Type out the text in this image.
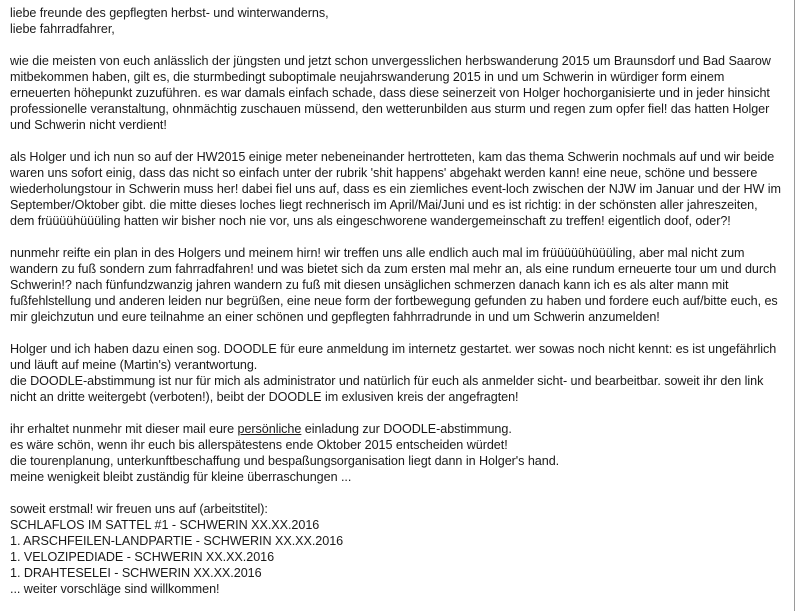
liebe freunde des gepflegten herbst- und winterwanderns,
liebe fahrradfahrer,
wie die meisten von euch anlässlich der jüngsten und jetzt schon unvergesslichen herbswanderung 2015 um Braunsdorf und Bad Saarow
mitbekommen haben, gilt es, die sturmbedingt suboptimale neujahrswanderung 2015 in und um Schwerin in würdiger form einem
erneuerten höhepunkt zuzuführen. es war damals einfach schade, dass diese seinerzeit von Holger hochorganisierte und in jeder hinsicht
professionelle veranstaltung, ohnmächtig zuschauen müssend, den wetterunbilden aus sturm und regen zum opfer fiel! das hatten Holger
und Schwerin nicht verdient!
als Holger und ich nun so auf der HW2015 einige meter nebeneinander hertrotteten, kam das thema Schwerin nochmals auf und wir beide
waren uns sofort einig, dass das nicht so einfach unter der rubrik 'shit happens' abgehakt werden kann! eine neue, schöne und bessere
wiederholungstour in Schwerin muss her! dabei fiel uns auf, dass es ein ziemliches event-loch zwischen der NJW im Januar und der HW im
September/Oktober gibt. die mitte dieses loches liegt rechnerisch im April/Mai/Juni und es ist richtig: in der schönsten aller jahreszeiten,
dem früüüühüüüling hatten wir bisher noch nie vor, uns als eingeschworene wandergemeinschaft zu treffen! eigentlich doof, oder?!
nunmehr reifte ein plan in des Holgers und meinem hirn! wir treffen uns alle endlich auch mal im früüüüühüüüling, aber mal nicht zum
wandern zu fuß sondern zum fahrradfahren! und was bietet sich da zum ersten mal mehr an, als eine rundum erneuerte tour um und durch
Schwerin!? nach fünfundzwanzig jahren wandern zu fuß mit diesen unsäglichen schmerzen danach kann ich es als alter mann mit
fußfehlstellung und anderen leiden nur begrüßen, eine neue form der fortbewegung gefunden zu haben und fordere euch auf/bitte euch, es
mir gleichzutun und eure teilnahme an einer schönen und gepflegten fahhrradrunde in und um Schwerin anzumelden!
Holger und ich haben dazu einen sog. DOODLE für eure anmeldung im internetz gestartet. wer sowas noch nicht kennt: es ist ungefährlich
und läuft auf meine (Martin's) verantwortung.
die DOODLE-abstimmung ist nur für mich als administrator und natürlich für euch als anmelder sicht- und bearbeitbar. soweit ihr den link
nicht an dritte weitergebt (verboten!), beibt der DOODLE im exlusiven kreis der angefragten!
ihr erhaltet nunmehr mit dieser mail eure persönliche einladung zur DOODLE-abstimmung.
es wäre schön, wenn ihr euch bis allerspätestens ende Oktober 2015 entscheiden würdet!
die tourenplanung, unterkunftbeschaffung und bespaßungsorganisation liegt dann in Holger's hand.
meine wenigkeit bleibt zuständig für kleine überraschungen ...
soweit erstmal! wir freuen uns auf (arbeitstitel):
SCHLAFLOS IM SATTEL #1 - SCHWERIN XX.XX.2016
1. ARSCHFEILEN-LANDPARTIE - SCHWERIN XX.XX.2016
1. VELOZIPEDIADE - SCHWERIN XX.XX.2016
1. DRAHTESELEI - SCHWERIN XX.XX.2016
... weiter vorschläge sind willkommen!
